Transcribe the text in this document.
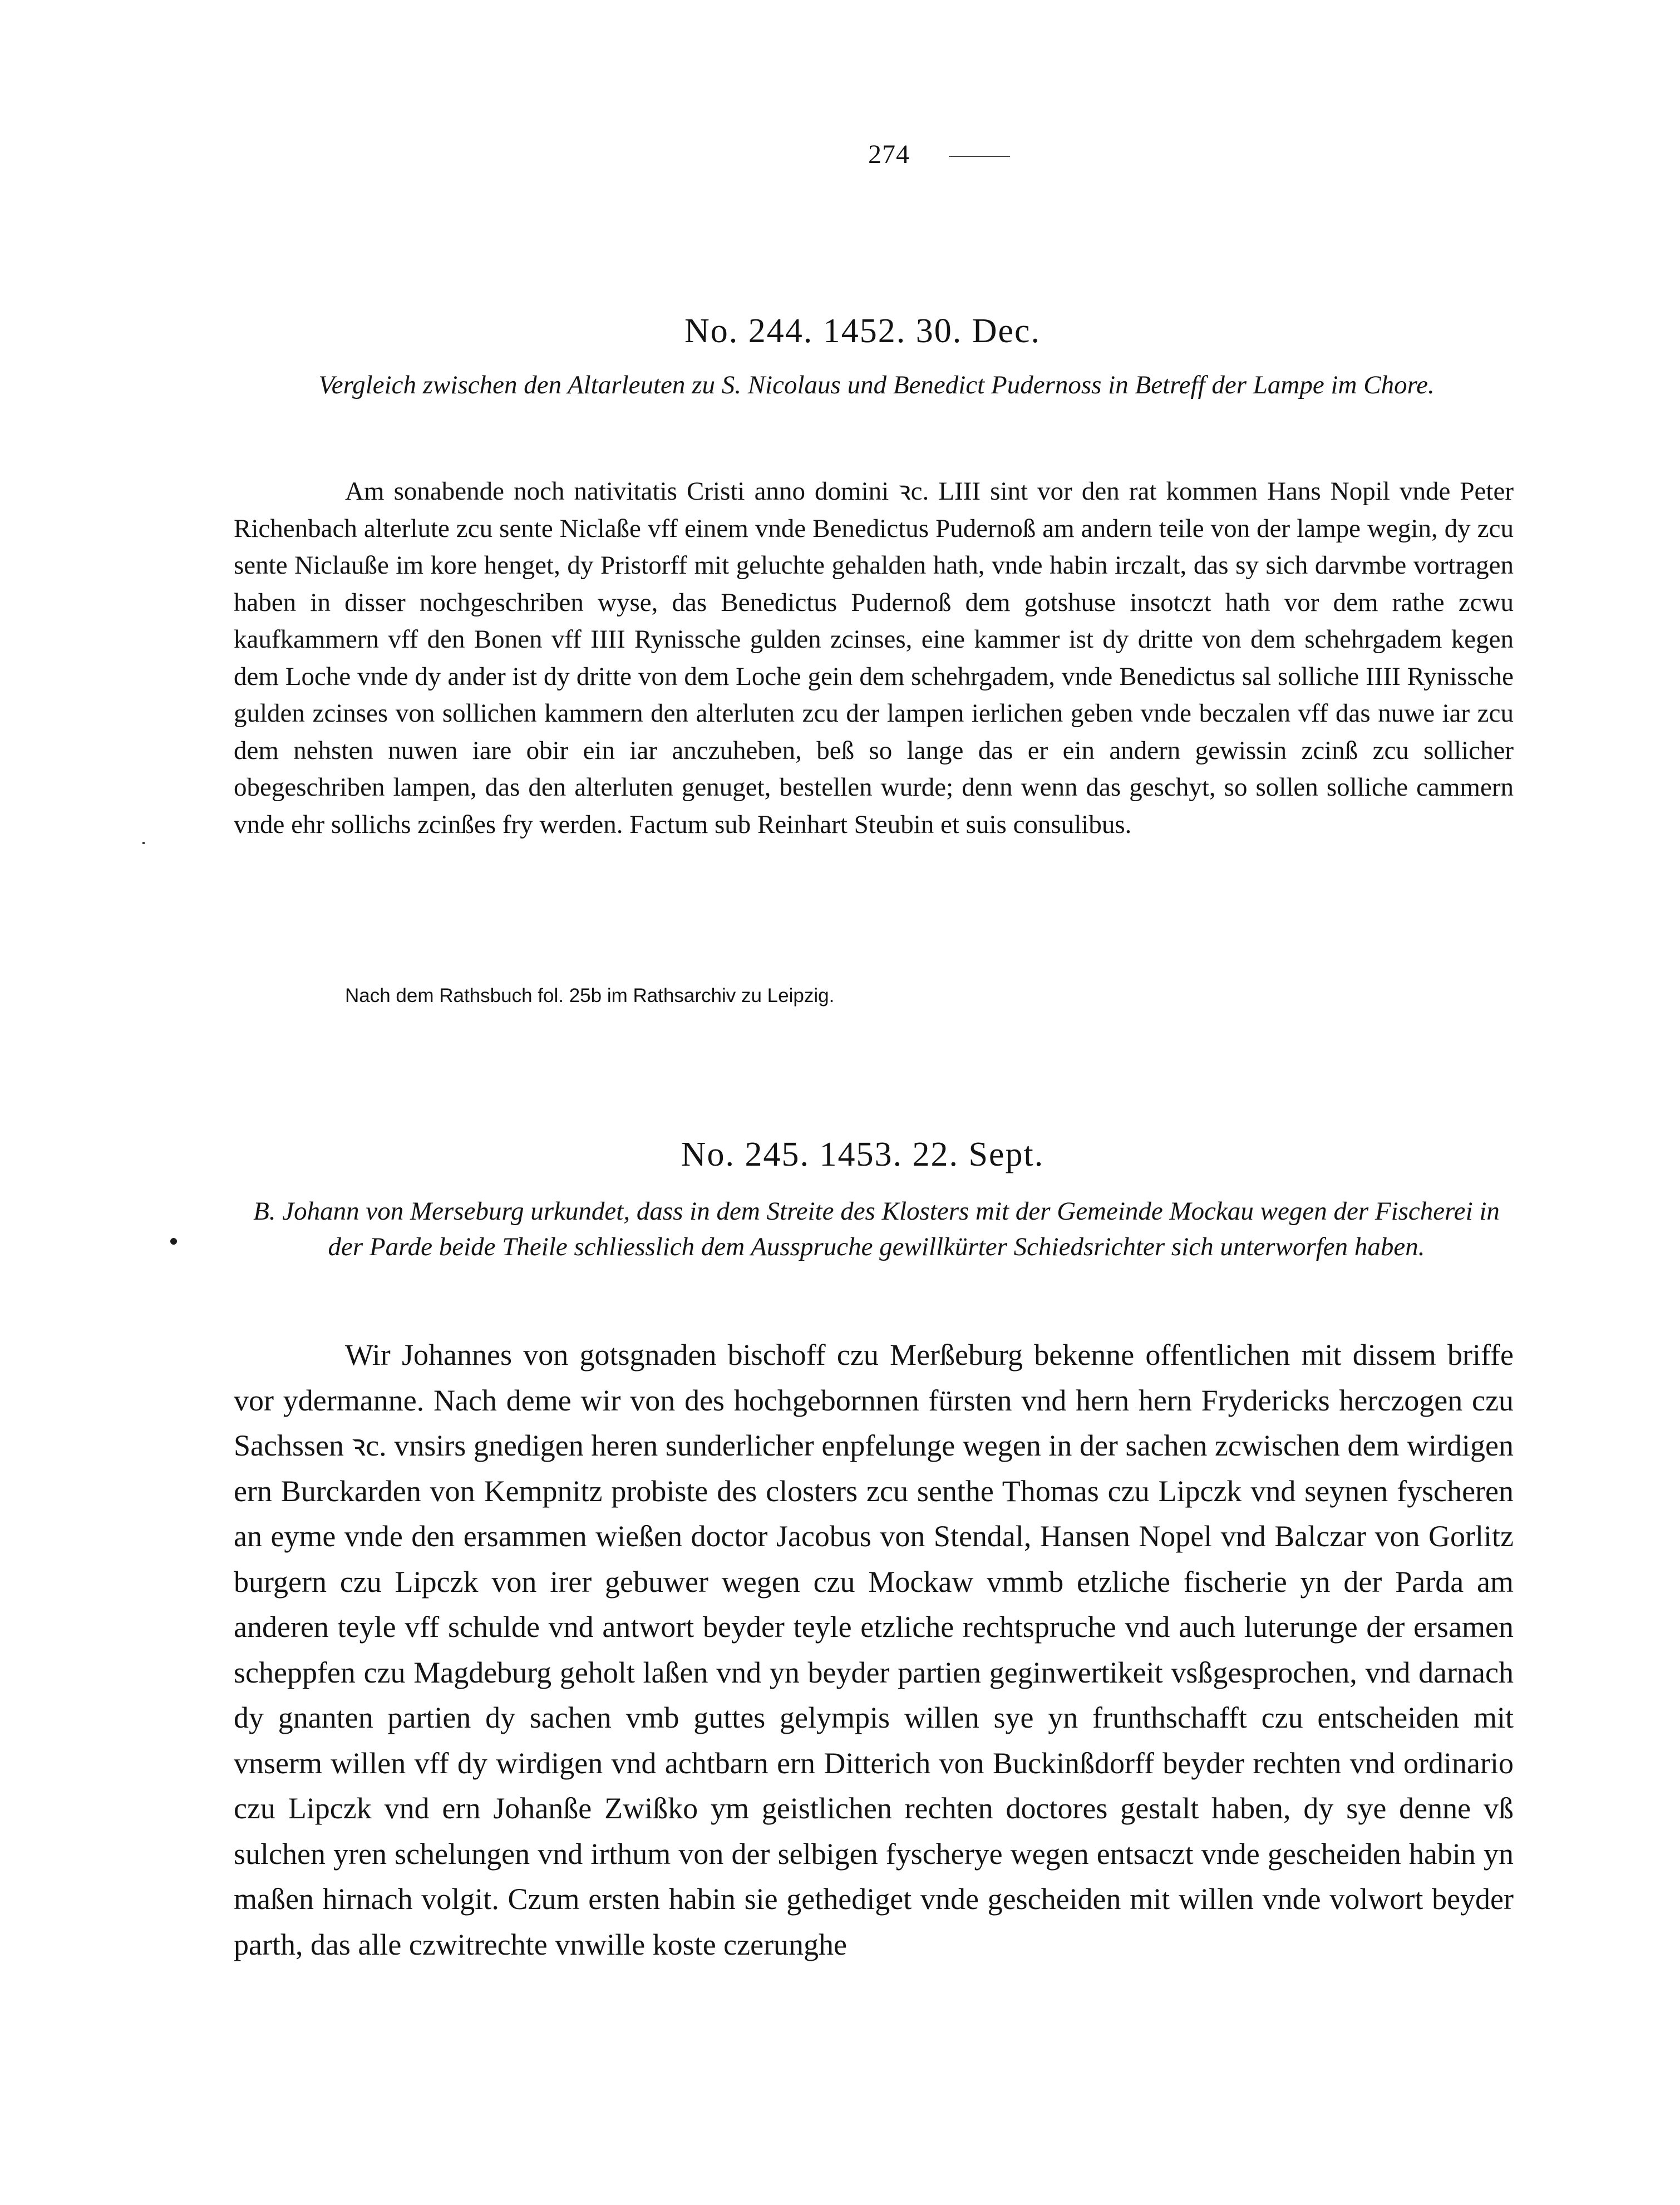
274
No. 244. 1452. 30. Dec.
Vergleich zwischen den Altarleuten zu S. Nicolaus und Benedict Pudernoss in Betreff der Lampe im Chore.

Am sonabende noch nativitatis Cristi anno domini ꝛc. LIII sint vor den rat kommen Hans Nopil vnde Peter Richenbach alterlute zcu sente Niclaße vff einem vnde Benedictus Pudernoß am andern teile von der lampe wegin, dy zcu sente Niclauße im kore henget, dy Pristorff mit geluchte gehalden hath, vnde habin irczalt, das sy sich darvmbe vortragen haben in disser nochgeschriben wyse, das Benedictus Pudernoß dem gotshuse insotczt hath vor dem rathe zcwu kaufkammern vff den Bonen vff IIII Rynissche gulden zcinses, eine kammer ist dy dritte von dem schehrgadem kegen dem Loche vnde dy ander ist dy dritte von dem Loche gein dem schehrgadem, vnde Benedictus sal solliche IIII Rynissche gulden zcinses von sollichen kammern den alterluten zcu der lampen ierlichen geben vnde beczalen vff das nuwe iar zcu dem nehsten nuwen iare obir ein iar anczuheben, beß so lange das er ein andern gewissin zcinß zcu sollicher obegeschriben lampen, das den alterluten genuget, bestellen wurde; denn wenn das geschyt, so sollen solliche cammern vnde ehr sollichs zcinßes fry werden. Factum sub Reinhart Steubin et suis consulibus.

Nach dem Rathsbuch fol. 25b im Rathsarchiv zu Leipzig.
No. 245. 1453. 22. Sept.
B. Johann von Merseburg urkundet, dass in dem Streite des Klosters mit der Gemeinde Mockau wegen der Fischerei in der Parde beide Theile schliesslich dem Ausspruche gewillkürter Schiedsrichter sich unterworfen haben.

Wir Johannes von gotsgnaden bischoff czu Merßeburg bekenne offentlichen mit dissem briffe vor ydermanne. Nach deme wir von des hochgebornnen fürsten vnd hern hern Frydericks herczogen czu Sachssen ꝛc. vnsirs gnedigen heren sunderlicher enpfelunge wegen in der sachen zcwischen dem wirdigen ern Burckarden von Kempnitz probiste des closters zcu senthe Thomas czu Lipczk vnd seynen fyscheren an eyme vnde den ersammen wießen doctor Jacobus von Stendal, Hansen Nopel vnd Balczar von Gorlitz burgern czu Lipczk von irer gebuwer wegen czu Mockaw vmmb etzliche fischerie yn der Parda am anderen teyle vff schulde vnd antwort beyder teyle etzliche rechtspruche vnd auch luterunge der ersamen scheppfen czu Magdeburg geholt laßen vnd yn beyder partien geginwertikeit vsßgesprochen, vnd darnach dy gnanten partien dy sachen vmb guttes gelympis willen sye yn frunthschafft czu entscheiden mit vnserm willen vff dy wirdigen vnd achtbarn ern Ditterich von Buckinßdorff beyder rechten vnd ordinario czu Lipczk vnd ern Johanße Zwißko ym geistlichen rechten doctores gestalt haben, dy sye denne vß sulchen yren schelungen vnd irthum von der selbigen fyscherye wegen entsaczt vnde gescheiden habin yn maßen hirnach volgit. Czum ersten habin sie gethediget vnde gescheiden mit willen vnde volwort beyder parth, das alle czwitrechte vnwille koste czerunghe
